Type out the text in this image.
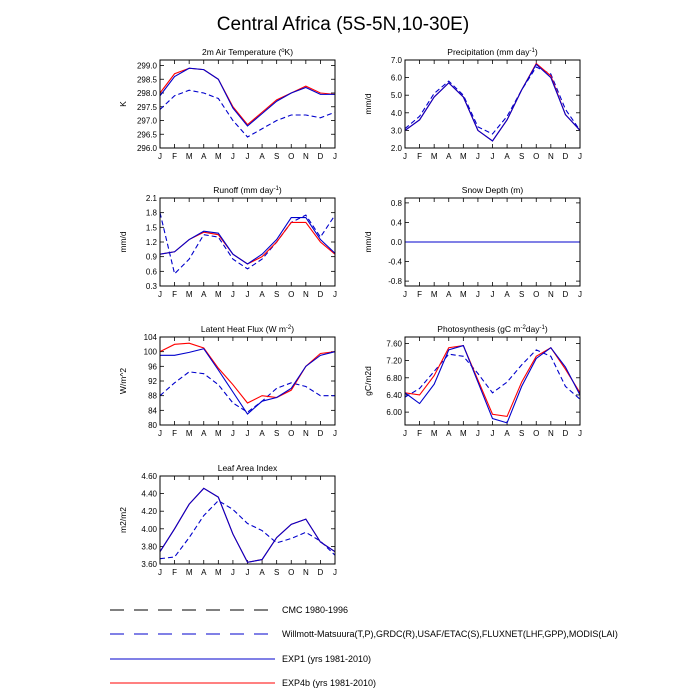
Central Africa (5S-5N,10-30E)
2m Air Temperature ($^o$K)
K
296.0
296.5
297.0
297.5
298.0
298.5
299.0
J F M A M J J A S O N D J
Precipitation (mm day$^{-1}$)
mm/d
2.0
3.0
4.0
5.0
6.0
7.0
J F M A M J J A S O N D J
Runoff (mm day$^{-1}$)
mm/d
0.3
0.6
0.9
1.2
1.5
1.8
2.1
J F M A M J J A S O N D J
Snow Depth (m)
mm/d
-0.8
-0.4
0.0
0.4
0.8
J F M A M J J A S O N D J
Latent Heat Flux (W $m^{-2}$)
W/m^2
80
84
88
92
96
100
104
J F M A M J J A S O N D J
Photosynthesis (gC $m^{-2}day^{-1}$)
gC/m2d
6.00
6.40
6.80
7.20
7.60
J F M A M J J A S O N D J
Leaf Area Index
m2/m2
3.60
3.80
4.00
4.20
4.40
4.60
J F M A M J J A S O N D J
CMC 1980-1996
Willmott-Matsuura(T,P),GRDC(R),USAF/ETAC(S),FLUXNET(LHF,GPP),MODIS(LAI)
EXP1 (yrs 1981-2010)
EXP4b (yrs 1981-2010)
